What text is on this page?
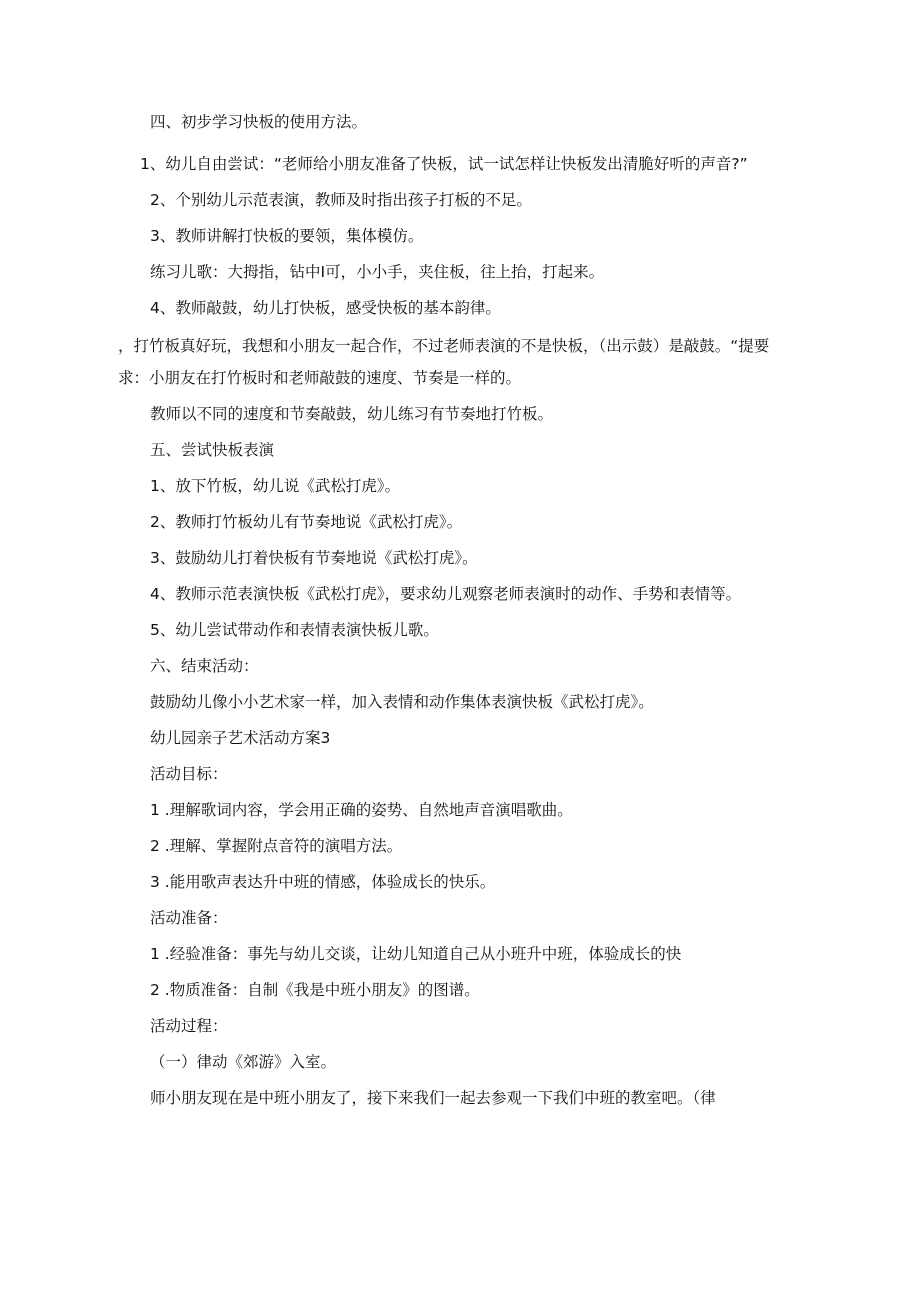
四、初步学习快板的使用方法。

1、幼儿自由尝试：“老师给小朋友准备了快板，试一试怎样让快板发出清脆好听的声音?”

2、个别幼儿示范表演，教师及时指出孩子打板的不足。

3、教师讲解打快板的要领，集体模仿。

练习儿歌：大拇指，钻中I可，小小手，夹住板，往上抬，打起来。

4、教师敲鼓，幼儿打快板，感受快板的基本韵律。

，打竹板真好玩，我想和小朋友一起合作，不过老师表演的不是快板，（出示鼓）是敲鼓。“提要求：小朋友在打竹板时和老师敲鼓的速度、节奏是一样的。

教师以不同的速度和节奏敲鼓，幼儿练习有节奏地打竹板。

五、尝试快板表演

1、放下竹板，幼儿说《武松打虎》。

2、教师打竹板幼儿有节奏地说《武松打虎》。

3、鼓励幼儿打着快板有节奏地说《武松打虎》。

4、教师示范表演快板《武松打虎》，要求幼儿观察老师表演时的动作、手势和表情等。

5、幼儿尝试带动作和表情表演快板儿歌。

六、结束活动：

鼓励幼儿像小小艺术家一样，加入表情和动作集体表演快板《武松打虎》。

幼儿园亲子艺术活动方案3

活动目标：

1 .理解歌词内容，学会用正确的姿势、自然地声音演唱歌曲。

2 .理解、掌握附点音符的演唱方法。

3 .能用歌声表达升中班的情感，体验成长的快乐。

活动准备：

1 .经验准备：事先与幼儿交谈，让幼儿知道自己从小班升中班，体验成长的快

2 .物质准备：自制《我是中班小朋友》的图谱。

活动过程：

（一）律动《郊游》入室。

师小朋友现在是中班小朋友了，接下来我们一起去参观一下我们中班的教室吧。（律
